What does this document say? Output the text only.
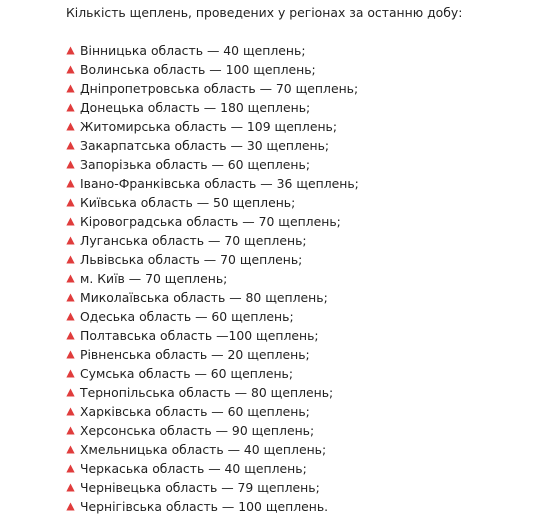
Кількість щеплень, проведених у регіонах за останню добу:

Вінницька область — 40 щеплень;
Волинська область — 100 щеплень;
Дніпропетровська область — 70 щеплень;
Донецька область — 180 щеплень;
Житомирська область — 109 щеплень;
Закарпатська область — 30 щеплень;
Запорізька область — 60 щеплень;
Івано-Франківська область — 36 щеплень;
Київська область — 50 щеплень;
Кіровоградська область — 70 щеплень;
Луганська область — 70 щеплень;
Львівська область — 70 щеплень;
м. Київ — 70 щеплень;
Миколаївська область — 80 щеплень;
Одеська область — 60 щеплень;
Полтавська область —100 щеплень;
Рівненська область — 20 щеплень;
Сумська область — 60 щеплень;
Тернопільська область — 80 щеплень;
Харківська область — 60 щеплень;
Херсонська область — 90 щеплень;
Хмельницька область — 40 щеплень;
Черкаська область — 40 щеплень;
Чернівецька область — 79 щеплень;
Чернігівська область — 100 щеплень.
